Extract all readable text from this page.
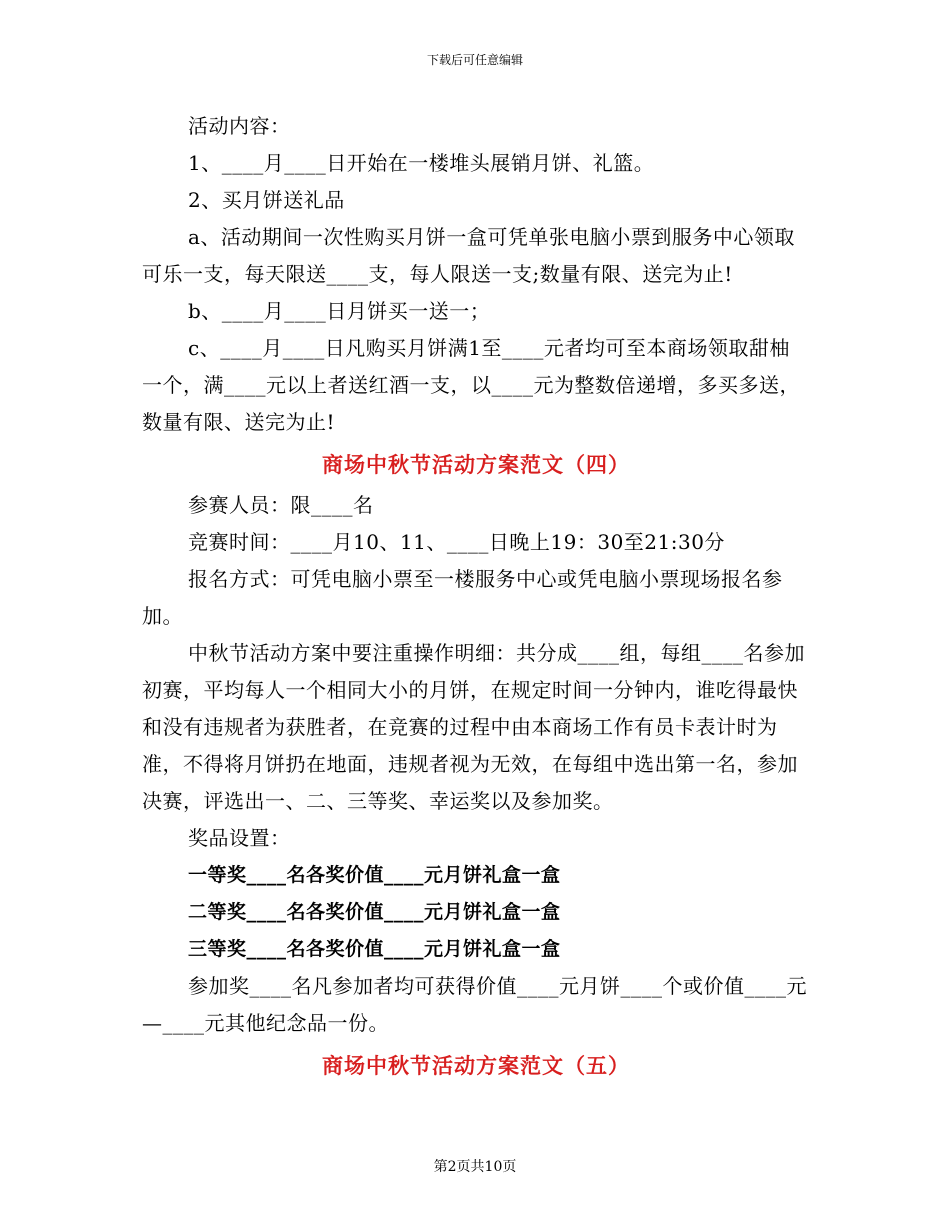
下载后可任意编辑

活动内容：

1、____月____日开始在一楼堆头展销月饼、礼篮。

2、买月饼送礼品

a、活动期间一次性购买月饼一盒可凭单张电脑小票到服务中心领取可乐一支，每天限送____支，每人限送一支;数量有限、送完为止!

b、____月____日月饼买一送一；

c、____月____日凡购买月饼满1至____元者均可至本商场领取甜柚一个，满____元以上者送红酒一支，以____元为整数倍递增，多买多送，数量有限、送完为止!

商场中秋节活动方案范文（四）

参赛人员：限____名

竞赛时间：____月10、11、____日晚上19：30至21:30分

报名方式：可凭电脑小票至一楼服务中心或凭电脑小票现场报名参加。

中秋节活动方案中要注重操作明细：共分成____组，每组____名参加初赛，平均每人一个相同大小的月饼，在规定时间一分钟内，谁吃得最快和没有违规者为获胜者，在竞赛的过程中由本商场工作有员卡表计时为准，不得将月饼扔在地面，违规者视为无效，在每组中选出第一名，参加决赛，评选出一、二、三等奖、幸运奖以及参加奖。

奖品设置：

一等奖____名各奖价值____元月饼礼盒一盒

二等奖____名各奖价值____元月饼礼盒一盒

三等奖____名各奖价值____元月饼礼盒一盒

参加奖____名凡参加者均可获得价值____元月饼____个或价值____元—____元其他纪念品一份。

商场中秋节活动方案范文（五）
第2页共10页
